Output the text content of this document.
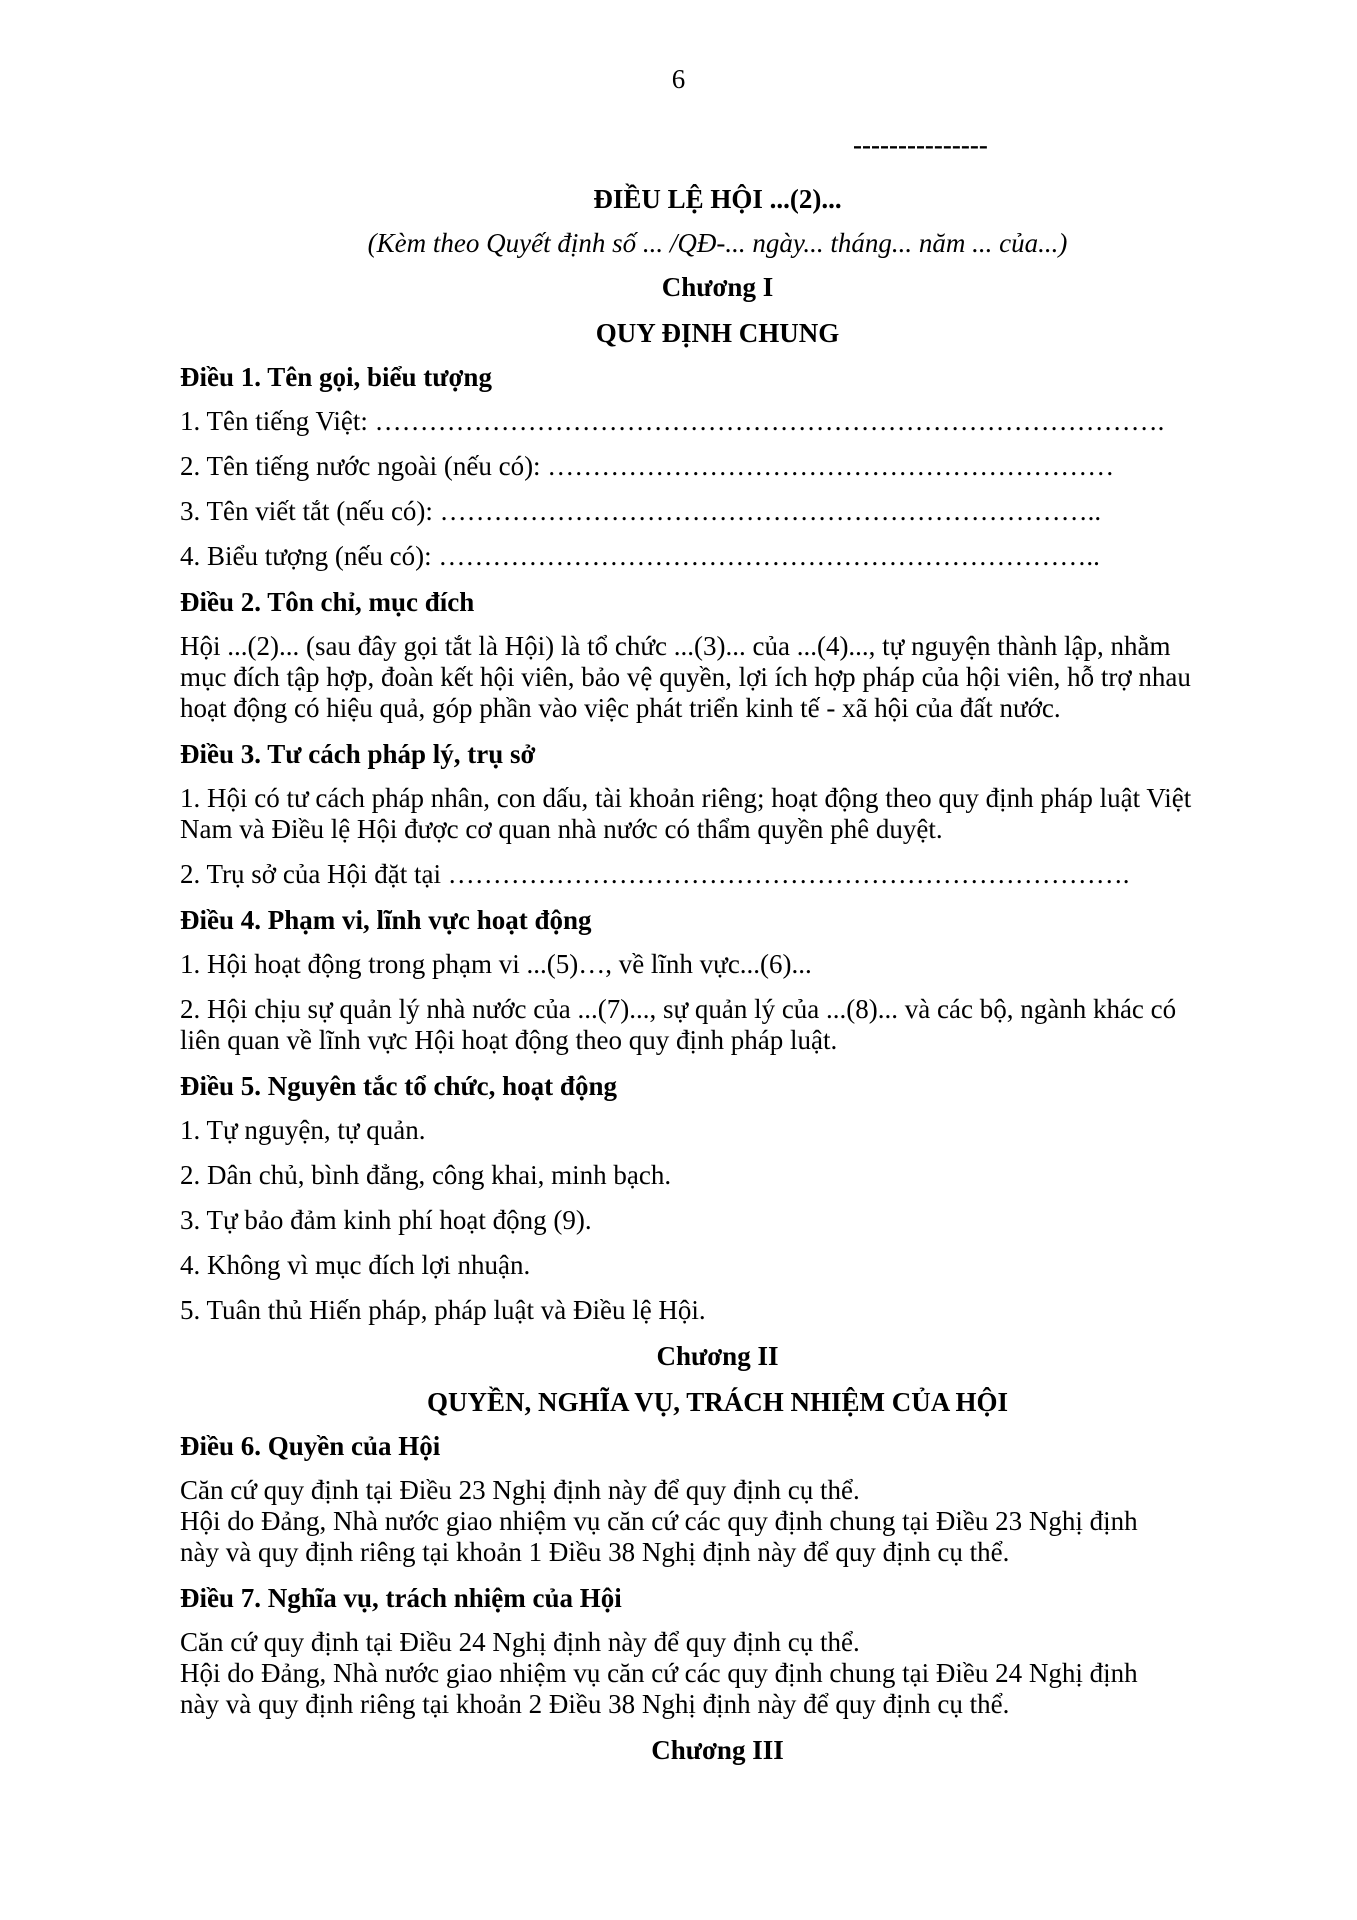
6
---------------
ĐIỀU LỆ HỘI ...(2)...
(Kèm theo Quyết định số ... /QĐ-... ngày... tháng... năm ... của...)
Chương I
QUY ĐỊNH CHUNG
Điều 1. Tên gọi, biểu tượng
1. Tên tiếng Việt: …………………………………………………………………………….
2. Tên tiếng nước ngoài (nếu có): ………………………………………………………
3. Tên viết tắt (nếu có): ………………………………………………………………..
4. Biểu tượng (nếu có): ………………………………………………………………..
Điều 2. Tôn chỉ, mục đích
Hội ...(2)... (sau đây gọi tắt là Hội) là tổ chức ...(3)... của ...(4)..., tự nguyện thành lập, nhằm
mục đích tập hợp, đoàn kết hội viên, bảo vệ quyền, lợi ích hợp pháp của hội viên, hỗ trợ nhau
hoạt động có hiệu quả, góp phần vào việc phát triển kinh tế - xã hội của đất nước.
Điều 3. Tư cách pháp lý, trụ sở
1. Hội có tư cách pháp nhân, con dấu, tài khoản riêng; hoạt động theo quy định pháp luật Việt
Nam và Điều lệ Hội được cơ quan nhà nước có thẩm quyền phê duyệt.
2. Trụ sở của Hội đặt tại ………………………………………………………………….
Điều 4. Phạm vi, lĩnh vực hoạt động
1. Hội hoạt động trong phạm vi ...(5)…, về lĩnh vực...(6)...
2. Hội chịu sự quản lý nhà nước của ...(7)..., sự quản lý của ...(8)... và các bộ, ngành khác có
liên quan về lĩnh vực Hội hoạt động theo quy định pháp luật.
Điều 5. Nguyên tắc tổ chức, hoạt động
1. Tự nguyện, tự quản.
2. Dân chủ, bình đẳng, công khai, minh bạch.
3. Tự bảo đảm kinh phí hoạt động (9).
4. Không vì mục đích lợi nhuận.
5. Tuân thủ Hiến pháp, pháp luật và Điều lệ Hội.
Chương II
QUYỀN, NGHĨA VỤ, TRÁCH NHIỆM CỦA HỘI
Điều 6. Quyền của Hội
Căn cứ quy định tại Điều 23 Nghị định này để quy định cụ thể.
Hội do Đảng, Nhà nước giao nhiệm vụ căn cứ các quy định chung tại Điều 23 Nghị định
này và quy định riêng tại khoản 1 Điều 38 Nghị định này để quy định cụ thể.
Điều 7. Nghĩa vụ, trách nhiệm của Hội
Căn cứ quy định tại Điều 24 Nghị định này để quy định cụ thể.
Hội do Đảng, Nhà nước giao nhiệm vụ căn cứ các quy định chung tại Điều 24 Nghị định
này và quy định riêng tại khoản 2 Điều 38 Nghị định này để quy định cụ thể.
Chương III
